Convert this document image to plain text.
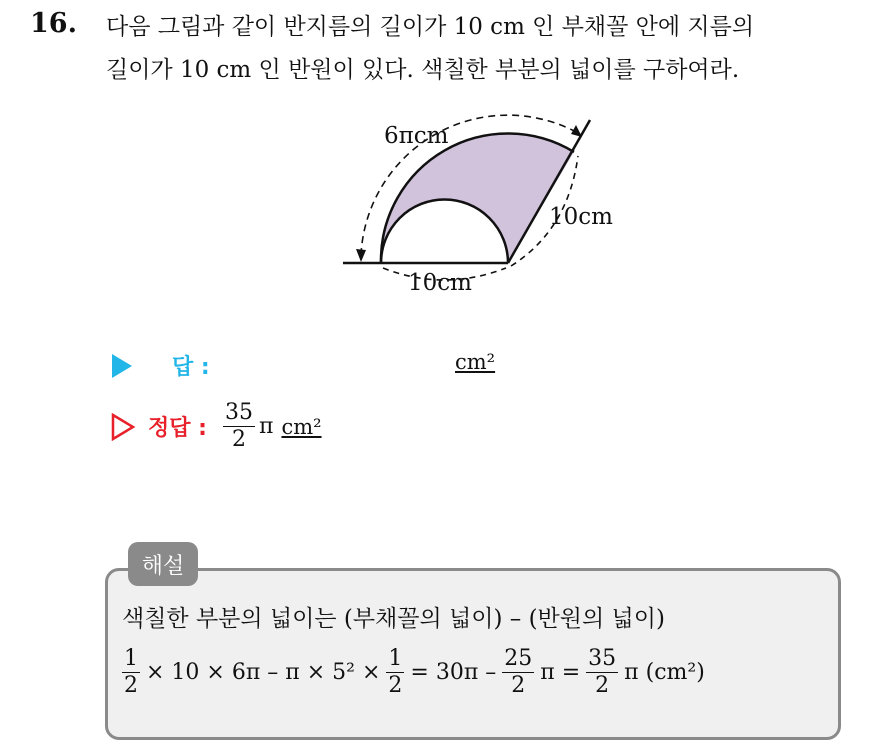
16. 다음 그림과 같이 반지름의 길이가 10 cm 인 부채꼴 안에 지름의
길이가 10 cm 인 반원이 있다. 색칠한 부분의 넓이를 구하여라.
6πcm
10cm
10cm
답 :	cm²
정답 : $\frac{35}{2}$ π cm²
해설
색칠한 부분의 넓이는 (부채꼴의 넓이) – (반원의 넓이)
$\frac{1}{2} \times 10 \times 6\pi - \pi \times 5^2 \times \frac{1}{2} = 30\pi - \frac{25}{2}$ $\pi = \frac{35}{2}$ π (cm²)
